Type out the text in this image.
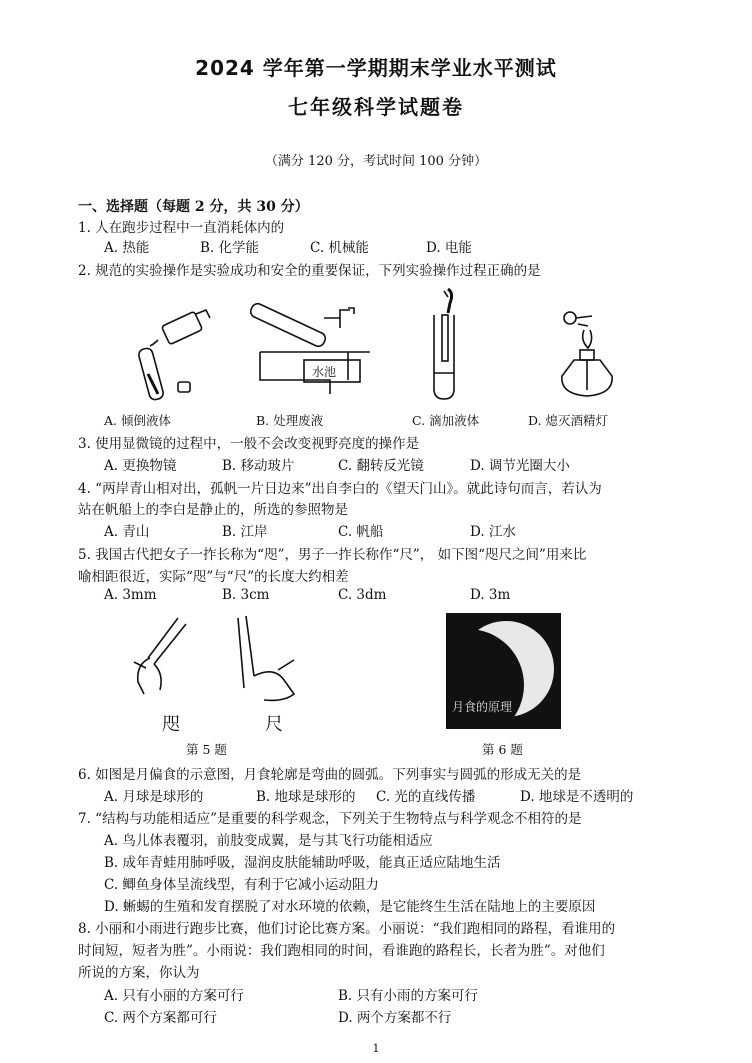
2024 学年第一学期期末学业水平测试
七年级科学试题卷
（满分 120 分，考试时间 100 分钟）
一、选择题（每题 2 分，共 30 分）
1. 人在跑步过程中一直消耗体内的
A. 热能	B. 化学能	C. 机械能	D. 电能
2. 规范的实验操作是实验成功和安全的重要保证，下列实验操作过程正确的是
水池
A. 倾倒液体	B. 处理废液	C. 滴加液体	D. 熄灭酒精灯
3. 使用显微镜的过程中，一般不会改变视野亮度的操作是
A. 更换物镜	B. 移动玻片	C. 翻转反光镜	D. 调节光圈大小
4. “两岸青山相对出，孤帆一片日边来”出自李白的《望天门山》。就此诗句而言，若认为
站在帆船上的李白是静止的，所选的参照物是
A. 青山	B. 江岸	C. 帆船	D. 江水
5. 我国古代把女子一拃长称为“咫”，男子一拃长称作“尺”， 如下图“咫尺之间”用来比
喻相距很近，实际“咫”与“尺”的长度大约相差
A. 3mm	B. 3cm	C. 3dm	D. 3m
咫	尺
月食的原理
第 5 题	第 6 题
6. 如图是月偏食的示意图，月食轮廓是弯曲的圆弧。下列事实与圆弧的形成无关的是
A. 月球是球形的	B. 地球是球形的 C. 光的直线传播	D. 地球是不透明的
7. “结构与功能相适应”是重要的科学观念，下列关于生物特点与科学观念不相符的是
A. 鸟儿体表覆羽，前肢变成翼，是与其飞行功能相适应
B. 成年青蛙用肺呼吸，湿润皮肤能辅助呼吸，能真正适应陆地生活
C. 鲫鱼身体呈流线型，有利于它减小运动阻力
D. 蜥蜴的生殖和发育摆脱了对水环境的依赖，是它能终生生活在陆地上的主要原因
8. 小丽和小雨进行跑步比赛，他们讨论比赛方案。小丽说：“我们跑相同的路程，看谁用的
时间短，短者为胜”。小雨说：我们跑相同的时间，看谁跑的路程长，长者为胜”。对他们
所说的方案，你认为
A. 只有小丽的方案可行	B. 只有小雨的方案可行
C. 两个方案都可行	D. 两个方案都不行
1
